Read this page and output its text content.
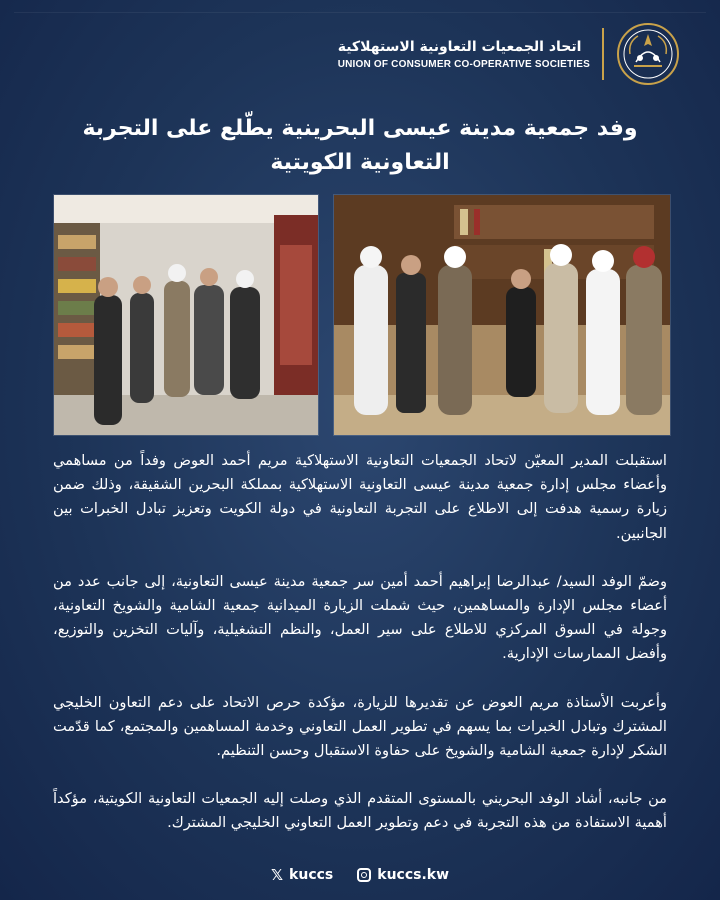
اتحاد الجمعيات التعاونية الاستهلاكية
UNION OF CONSUMER CO-OPERATIVE SOCIETIES
وفد جمعية مدينة عيسى البحرينية يطّلع على التجربة
التعاونية الكويتية

استقبلت المدير المعيّن لاتحاد الجمعيات التعاونية الاستهلاكية مريم أحمد العوض وفداً من مساهمي وأعضاء مجلس إدارة جمعية مدينة عيسى التعاونية الاستهلاكية بمملكة البحرين الشقيقة، وذلك ضمن زيارة رسمية هدفت إلى الاطلاع على التجربة التعاونية في دولة الكويت وتعزيز تبادل الخبرات بين الجانبين.

وضمّ الوفد السيد/ عبدالرضا إبراهيم أحمد أمين سر جمعية مدينة عيسى التعاونية، إلى جانب عدد من أعضاء مجلس الإدارة والمساهمين، حيث شملت الزيارة الميدانية جمعية الشامية والشويخ التعاونية، وجولة في السوق المركزي للاطلاع على سير العمل، والنظم التشغيلية، وآليات التخزين والتوزيع، وأفضل الممارسات الإدارية.

وأعربت الأستاذة مريم العوض عن تقديرها للزيارة، مؤكدة حرص الاتحاد على دعم التعاون الخليجي المشترك وتبادل الخبرات بما يسهم في تطوير العمل التعاوني وخدمة المساهمين والمجتمع، كما قدّمت الشكر لإدارة جمعية الشامية والشويخ على حفاوة الاستقبال وحسن التنظيم.

من جانبه، أشاد الوفد البحريني بالمستوى المتقدم الذي وصلت إليه الجمعيات التعاونية الكويتية، مؤكداً أهمية الاستفادة من هذه التجربة في دعم وتطوير العمل التعاوني الخليجي المشترك.

𝕏 kuccs	kuccs.kw
